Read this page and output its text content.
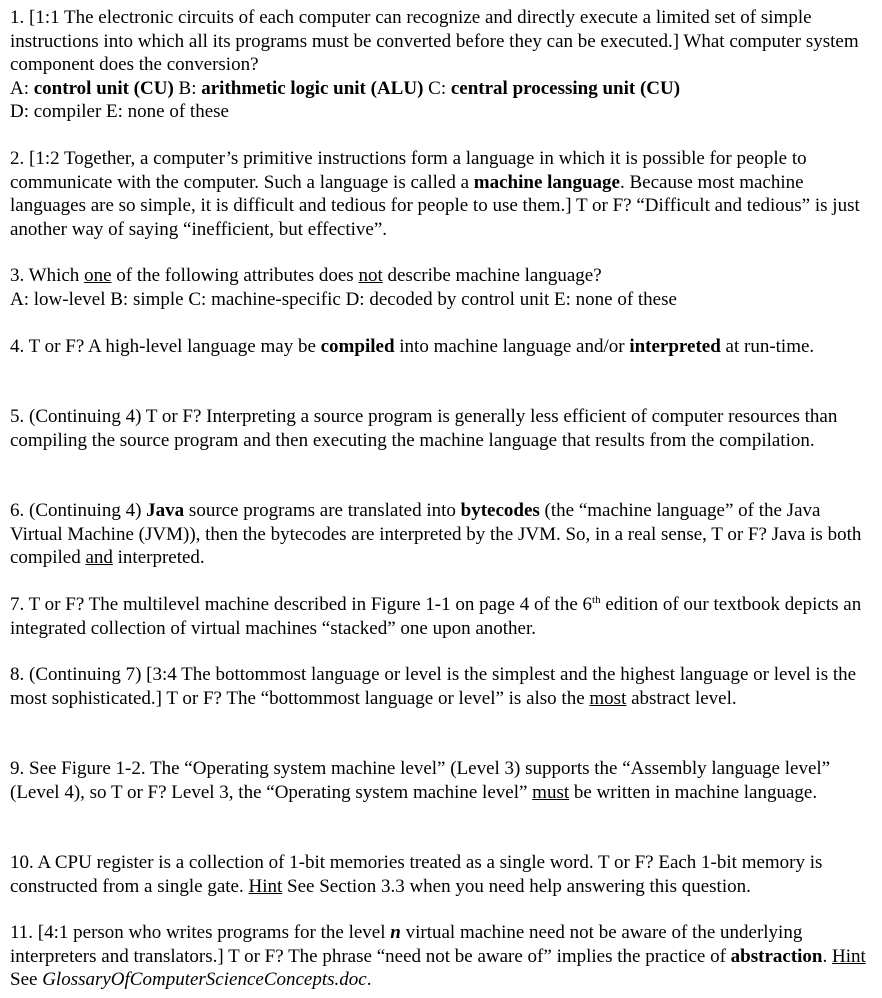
1. [1:1 The electronic circuits of each computer can recognize and directly execute a limited set of simple instructions into which all its programs must be converted before they can be executed.] What computer system component does the conversion?
A: control unit (CU) B: arithmetic logic unit (ALU) C: central processing unit (CU)
D: compiler E: none of these

2. [1:2 Together, a computer’s primitive instructions form a language in which it is possible for people to communicate with the computer. Such a language is called a machine language. Because most machine languages are so simple, it is difficult and tedious for people to use them.] T or F? “Difficult and tedious” is just another way of saying “inefficient, but effective”.

3. Which one of the following attributes does not describe machine language?
A: low-level B: simple C: machine-specific D: decoded by control unit E: none of these

4. T or F? A high-level language may be compiled into machine language and/or interpreted at run-time.

5. (Continuing 4) T or F? Interpreting a source program is generally less efficient of computer resources than compiling the source program and then executing the machine language that results from the compilation.

6. (Continuing 4) Java source programs are translated into bytecodes (the “machine language” of the Java Virtual Machine (JVM)), then the bytecodes are interpreted by the JVM. So, in a real sense, T or F? Java is both compiled and interpreted.

7. T or F? The multilevel machine described in Figure 1-1 on page 4 of the 6th edition of our textbook depicts an integrated collection of virtual machines “stacked” one upon another.

8. (Continuing 7) [3:4 The bottommost language or level is the simplest and the highest language or level is the most sophisticated.] T or F? The “bottommost language or level” is also the most abstract level.

9. See Figure 1-2. The “Operating system machine level” (Level 3) supports the “Assembly language level” (Level 4), so T or F? Level 3, the “Operating system machine level” must be written in machine language.

10. A CPU register is a collection of 1-bit memories treated as a single word. T or F? Each 1-bit memory is constructed from a single gate. Hint See Section 3.3 when you need help answering this question.

11. [4:1 person who writes programs for the level n virtual machine need not be aware of the underlying interpreters and translators.] T or F? The phrase “need not be aware of” implies the practice of abstraction. Hint See GlossaryOfComputerScienceConcepts.doc.
